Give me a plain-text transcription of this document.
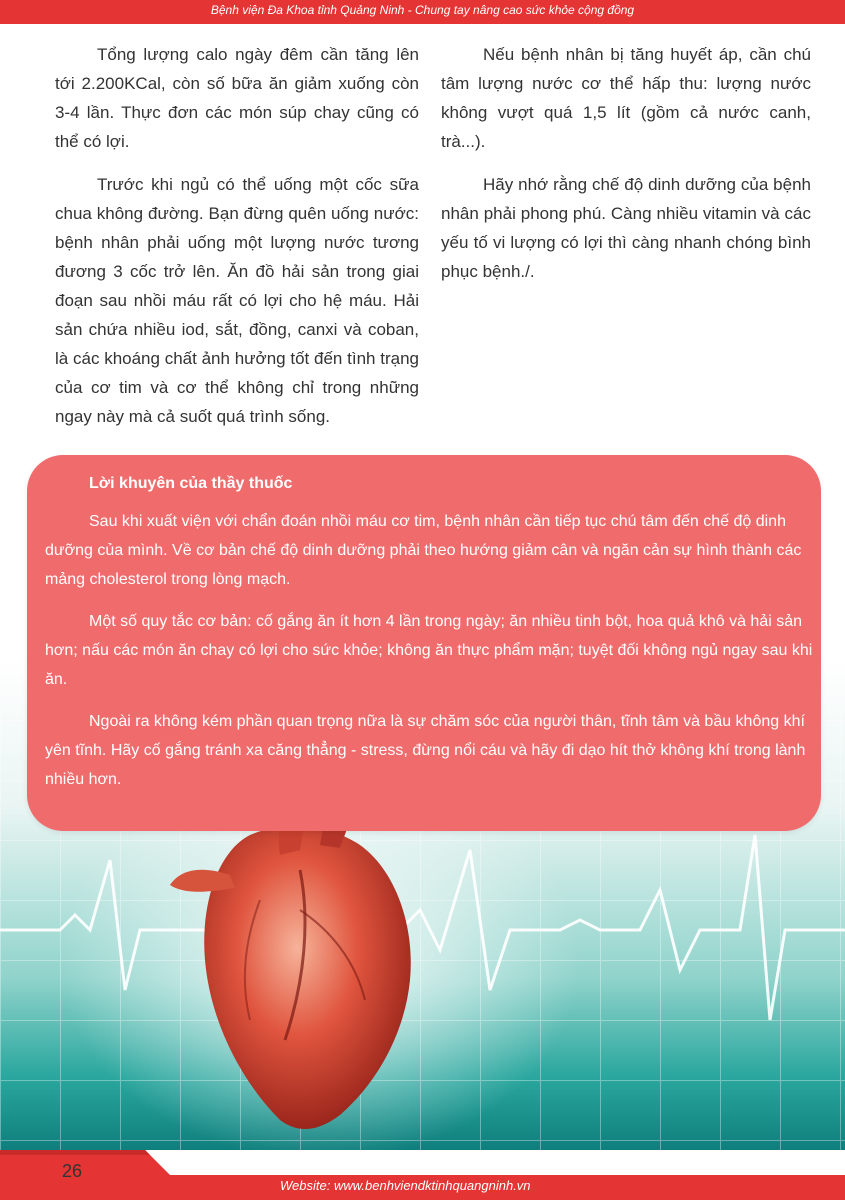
Bệnh viện Đa Khoa tỉnh Quảng Ninh - Chung tay nâng cao sức khỏe cộng đồng

Tổng lượng calo ngày đêm cần tăng lên tới 2.200KCal, còn số bữa ăn giảm xuống còn 3-4 lần. Thực đơn các món súp chay cũng có thể có lợi.

Trước khi ngủ có thể uống một cốc sữa chua không đường. Bạn đừng quên uống nước: bệnh nhân phải uống một lượng nước tương đương 3 cốc trở lên. Ăn đồ hải sản trong giai đoạn sau nhồi máu rất có lợi cho hệ máu. Hải sản chứa nhiều iod, sắt, đồng, canxi và coban, là các khoáng chất ảnh hưởng tốt đến tình trạng của cơ tim và cơ thể không chỉ trong những ngay này mà cả suốt quá trình sống.

Nếu bệnh nhân bị tăng huyết áp, cần chú tâm lượng nước cơ thể hấp thu: lượng nước không vượt quá 1,5 lít (gồm cả nước canh, trà...).

Hãy nhớ rằng chế độ dinh dưỡng của bệnh nhân phải phong phú. Càng nhiều vitamin và các yếu tố vi lượng có lợi thì càng nhanh chóng bình phục bệnh./.

Lời khuyên của thầy thuốc

Sau khi xuất viện với chẩn đoán nhồi máu cơ tim, bệnh nhân cần tiếp tục chú tâm đến chế độ dinh dưỡng của mình. Về cơ bản chế độ dinh dưỡng phải theo hướng giảm cân và ngăn cản sự hình thành các mảng cholesterol trong lòng mạch.

Một số quy tắc cơ bản: cố gắng ăn ít hơn 4 lần trong ngày; ăn nhiều tinh bột, hoa quả khô và hải sản hơn; nấu các món ăn chay có lợi cho sức khỏe; không ăn thực phẩm mặn; tuyệt đối không ngủ ngay sau khi ăn.

Ngoài ra không kém phần quan trọng nữa là sự chăm sóc của người thân, tĩnh tâm và bầu không khí yên tĩnh. Hãy cố gắng tránh xa căng thẳng - stress, đừng nổi cáu và hãy đi dạo hít thở không khí trong lành nhiều hơn.

26
Website: www.benhviendktinhquangninh.vn
